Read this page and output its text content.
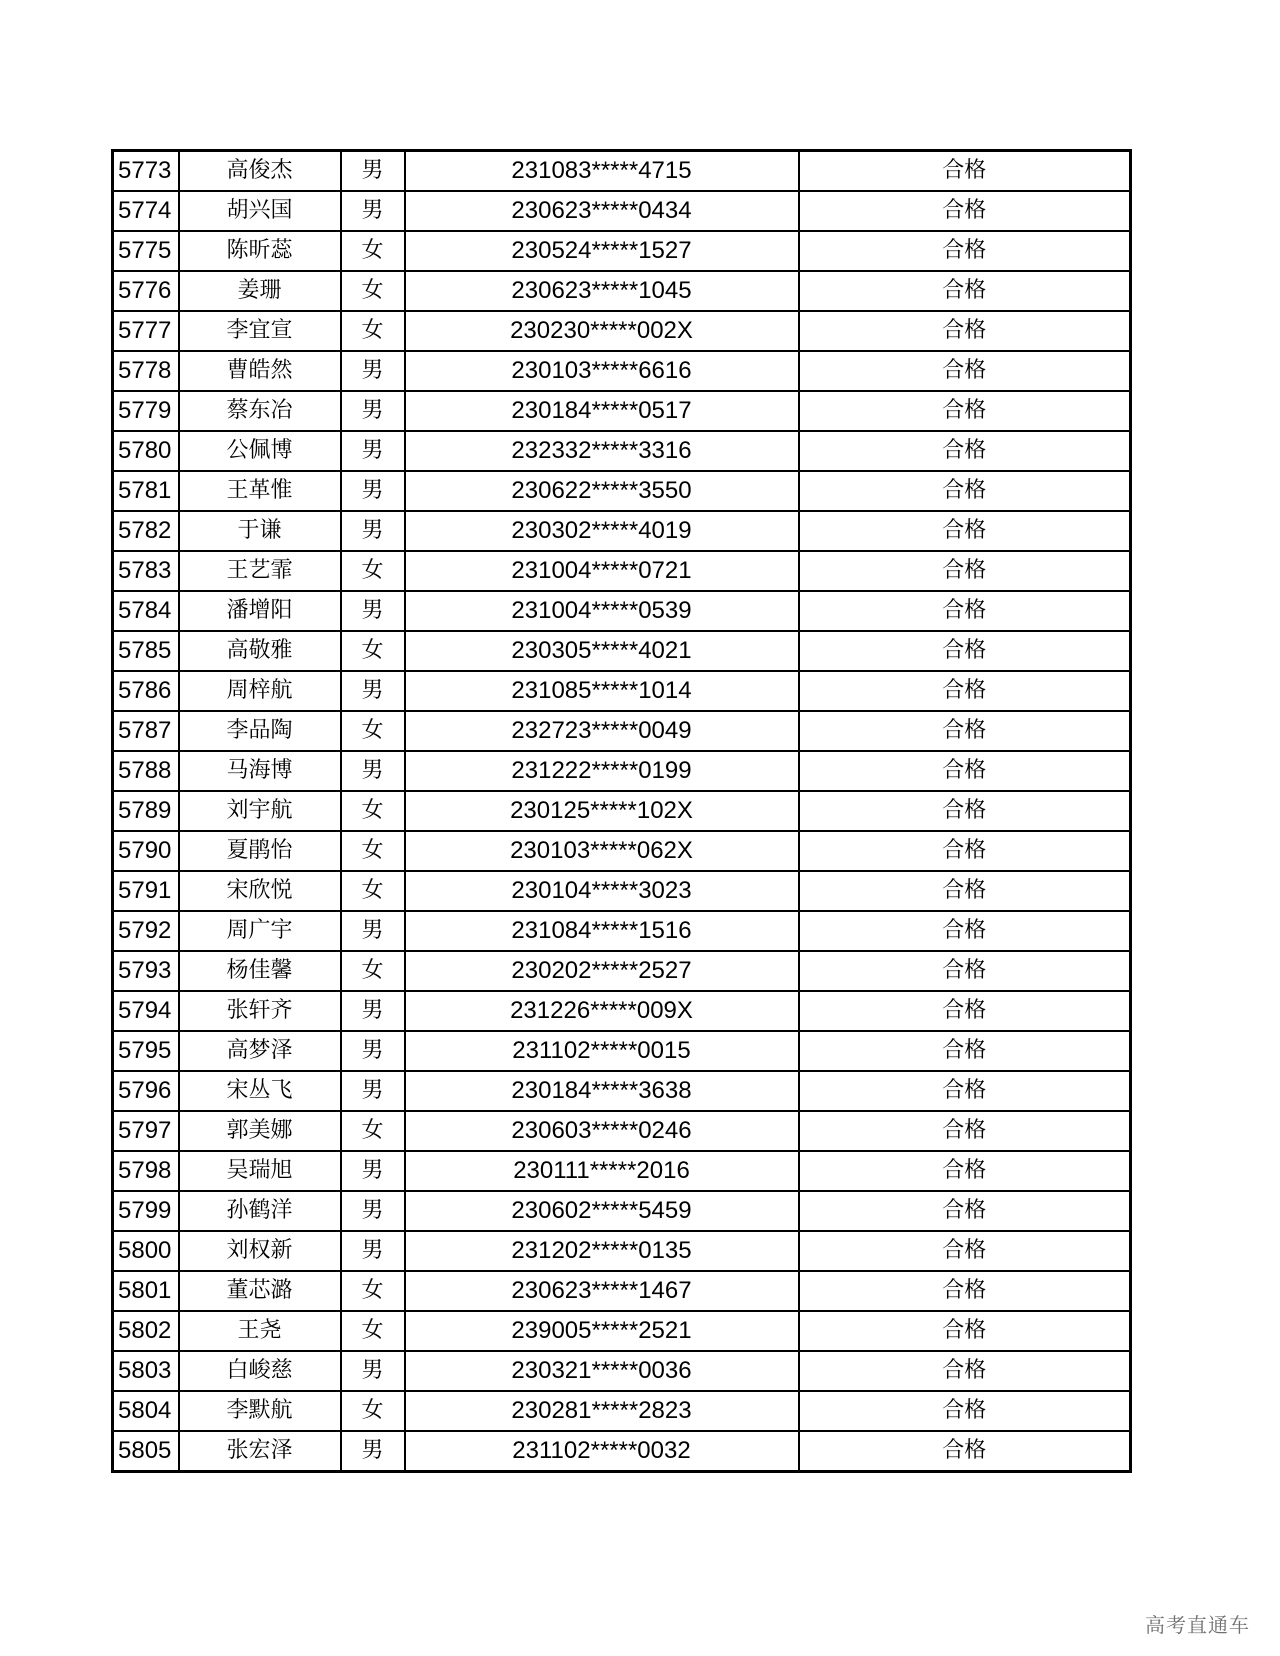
5773	高俊杰	男	231083*****4715	合格
5774	胡兴国	男	230623*****0434	合格
5775	陈昕蕊	女	230524*****1527	合格
5776	姜珊	女	230623*****1045	合格
5777	李宜宣	女	230230*****002X	合格
5778	曹皓然	男	230103*****6616	合格
5779	蔡东冶	男	230184*****0517	合格
5780	公佩博	男	232332*****3316	合格
5781	王革惟	男	230622*****3550	合格
5782	于谦	男	230302*****4019	合格
5783	王艺霏	女	231004*****0721	合格
5784	潘增阳	男	231004*****0539	合格
5785	高敬雅	女	230305*****4021	合格
5786	周梓航	男	231085*****1014	合格
5787	李品陶	女	232723*****0049	合格
5788	马海博	男	231222*****0199	合格
5789	刘宇航	女	230125*****102X	合格
5790	夏鹃怡	女	230103*****062X	合格
5791	宋欣悦	女	230104*****3023	合格
5792	周广宇	男	231084*****1516	合格
5793	杨佳馨	女	230202*****2527	合格
5794	张轩齐	男	231226*****009X	合格
5795	高梦泽	男	231102*****0015	合格
5796	宋丛飞	男	230184*****3638	合格
5797	郭美娜	女	230603*****0246	合格
5798	吴瑞旭	男	230111*****2016	合格
5799	孙鹤洋	男	230602*****5459	合格
5800	刘权新	男	231202*****0135	合格
5801	董芯潞	女	230623*****1467	合格
5802	王尧	女	239005*****2521	合格
5803	白峻慈	男	230321*****0036	合格
5804	李默航	女	230281*****2823	合格
5805	张宏泽	男	231102*****0032	合格
高考直通车
